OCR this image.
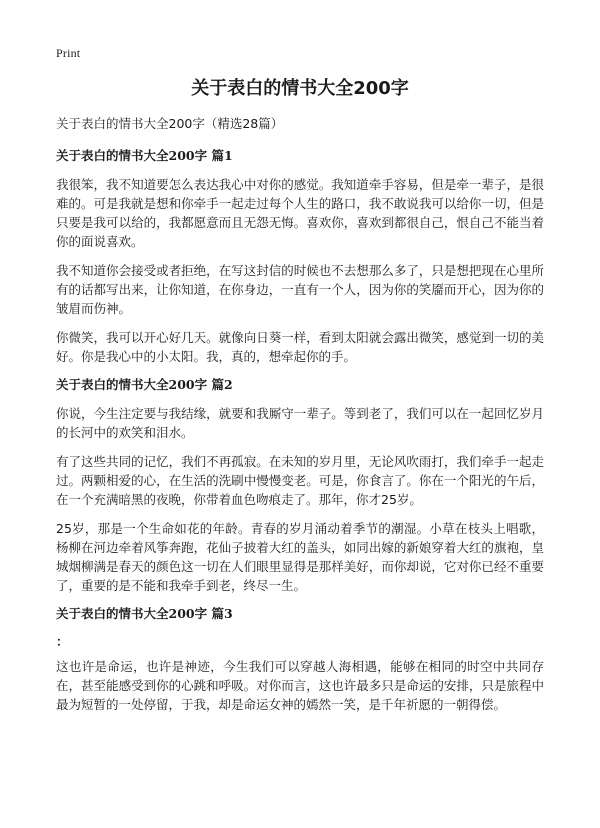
Print
关于表白的情书大全200字

关于表白的情书大全200字（精选28篇）

关于表白的情书大全200字 篇1

我很笨，我不知道要怎么表达我心中对你的感觉。我知道牵手容易，但是牵一辈子，是很难的。可是我就是想和你牵手一起走过每个人生的路口，我不敢说我可以给你一切，但是只要是我可以给的，我都愿意而且无怨无悔。喜欢你，喜欢到都很自己，恨自己不能当着你的面说喜欢。

我不知道你会接受或者拒绝，在写这封信的时候也不去想那么多了，只是想把现在心里所有的话都写出来，让你知道，在你身边，一直有一个人，因为你的笑靥而开心，因为你的皱眉而伤神。

你微笑，我可以开心好几天。就像向日葵一样，看到太阳就会露出微笑，感觉到一切的美好。你是我心中的小太阳。我，真的，想牵起你的手。

关于表白的情书大全200字 篇2

你说，今生注定要与我结缘，就要和我厮守一辈子。等到老了，我们可以在一起回忆岁月的长河中的欢笑和泪水。

有了这些共同的记忆，我们不再孤寂。在未知的岁月里，无论风吹雨打，我们牵手一起走过。两颗相爱的心，在生活的洗刷中慢慢变老。可是，你食言了。你在一个阳光的午后，在一个充满暗黑的夜晚，你带着血色吻痕走了。那年，你才25岁。

25岁，那是一个生命如花的年龄。青春的岁月涌动着季节的潮湿。小草在枝头上唱歌，杨柳在河边牵着风筝奔跑，花仙子披着大红的盖头，如同出嫁的新娘穿着大红的旗袍，皇城烟柳满是春天的颜色这一切在人们眼里显得是那样美好，而你却说，它对你已经不重要了，重要的是不能和我牵手到老，终尽一生。

关于表白的情书大全200字 篇3

：

这也许是命运，也许是神迹，今生我们可以穿越人海相遇，能够在相同的时空中共同存在，甚至能感受到你的心跳和呼吸。对你而言，这也许最多只是命运的安排，只是旅程中最为短暂的一处停留，于我，却是命运女神的嫣然一笑，是千年祈愿的一朝得偿。
